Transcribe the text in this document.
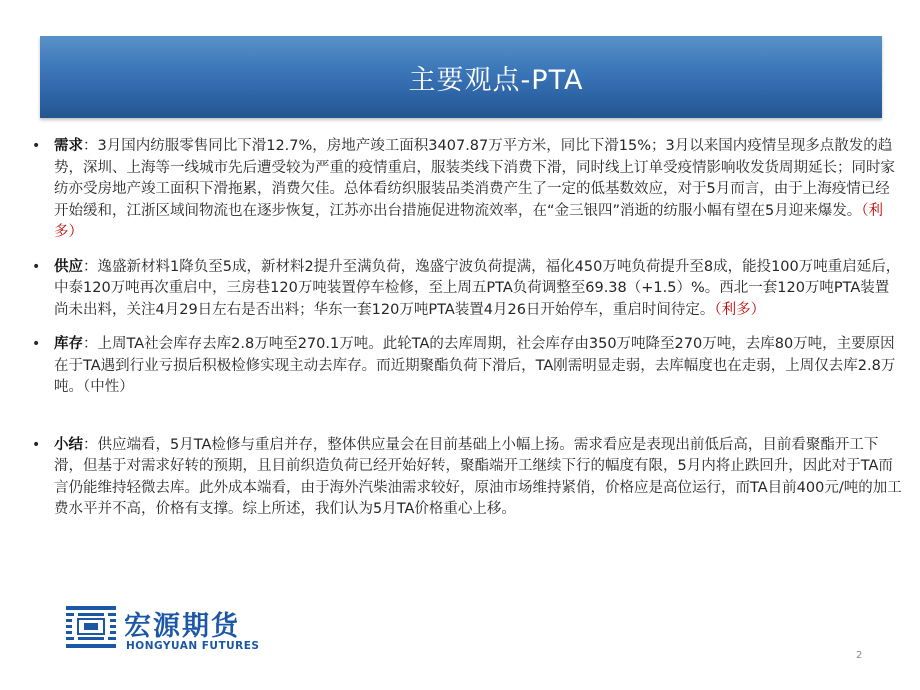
主要观点-PTA
• 需求：3月国内纺服零售同比下滑12.7%，房地产竣工面积3407.87万平方米，同比下滑15%；3月以来国内疫情呈现多点散发的趋势，深圳、上海等一线城市先后遭受较为严重的疫情重启，服装类线下消费下滑，同时线上订单受疫情影响收发货周期延长；同时家纺亦受房地产竣工面积下滑拖累，消费欠佳。总体看纺织服装品类消费产生了一定的低基数效应，对于5月而言，由于上海疫情已经开始缓和，江浙区域间物流也在逐步恢复，江苏亦出台措施促进物流效率，在“金三银四”消逝的纺服小幅有望在5月迎来爆发。（利多）
• 供应：逸盛新材料1降负至5成，新材料2提升至满负荷，逸盛宁波负荷提满，福化450万吨负荷提升至8成，能投100万吨重启延后，中泰120万吨再次重启中，三房巷120万吨装置停车检修，至上周五PTA负荷调整至69.38（+1.5）%。西北一套120万吨PTA装置尚未出料，关注4月29日左右是否出料；华东一套120万吨PTA装置4月26日开始停车，重启时间待定。（利多）
• 库存：上周TA社会库存去库2.8万吨至270.1万吨。此轮TA的去库周期，社会库存由350万吨降至270万吨，去库80万吨，主要原因在于TA遇到行业亏损后积极检修实现主动去库存。而近期聚酯负荷下滑后，TA刚需明显走弱，去库幅度也在走弱，上周仅去库2.8万吨。（中性）
• 小结：供应端看，5月TA检修与重启并存，整体供应量会在目前基础上小幅上扬。需求看应是表现出前低后高，目前看聚酯开工下滑，但基于对需求好转的预期，且目前织造负荷已经开始好转，聚酯端开工继续下行的幅度有限，5月内将止跌回升，因此对于TA而言仍能维持轻微去库。此外成本端看，由于海外汽柴油需求较好，原油市场维持紧俏，价格应是高位运行，而TA目前400元/吨的加工费水平并不高，价格有支撑。综上所述，我们认为5月TA价格重心上移。
宏源期货
HONGYUAN FUTURES
2
